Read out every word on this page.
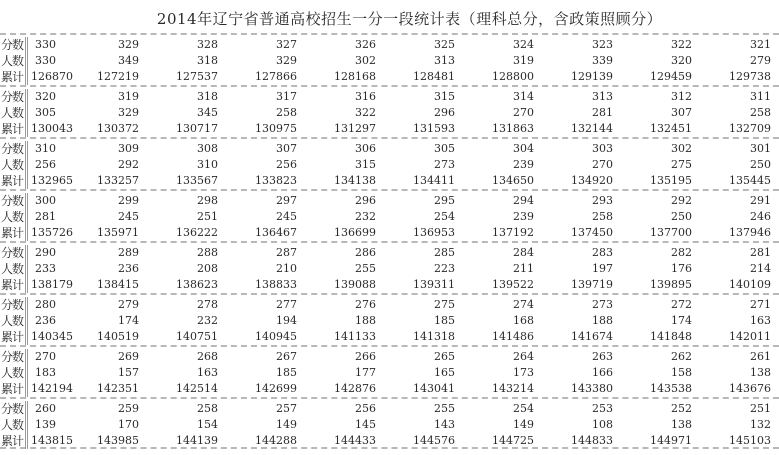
2014年辽宁省普通高校招生一分一段统计表（理科总分，含政策照顾分）
分数	330	329	328	327	326	325	324	323	322	321
人数	330	349	318	329	302	313	319	339	320	279
累计 126870	127219	127537	127866	128168	128481	128800	129139	129459	129738
分数	320	319	318	317	316	315	314	313	312	311
人数	305	329	345	258	322	296	270	281	307	258
累计 130043	130372	130717	130975	131297	131593	131863	132144	132451	132709
分数	310	309	308	307	306	305	304	303	302	301
人数	256	292	310	256	315	273	239	270	275	250
累计 132965	133257	133567	133823	134138	134411	134650	134920	135195	135445
分数	300	299	298	297	296	295	294	293	292	291
人数	281	245	251	245	232	254	239	258	250	246
累计 135726	135971	136222	136467	136699	136953	137192	137450	137700	137946
分数	290	289	288	287	286	285	284	283	282	281
人数	233	236	208	210	255	223	211	197	176	214
累计 138179	138415	138623	138833	139088	139311	139522	139719	139895	140109
分数	280	279	278	277	276	275	274	273	272	271
人数	236	174	232	194	188	185	168	188	174	163
累计 140345	140519	140751	140945	141133	141318	141486	141674	141848	142011
分数	270	269	268	267	266	265	264	263	262	261
人数	183	157	163	185	177	165	173	166	158	138
累计 142194	142351	142514	142699	142876	143041	143214	143380	143538	143676
分数	260	259	258	257	256	255	254	253	252	251
人数	139	170	154	149	145	143	149	108	138	132
累计 143815	143985	144139	144288	144433	144576	144725	144833	144971	145103
